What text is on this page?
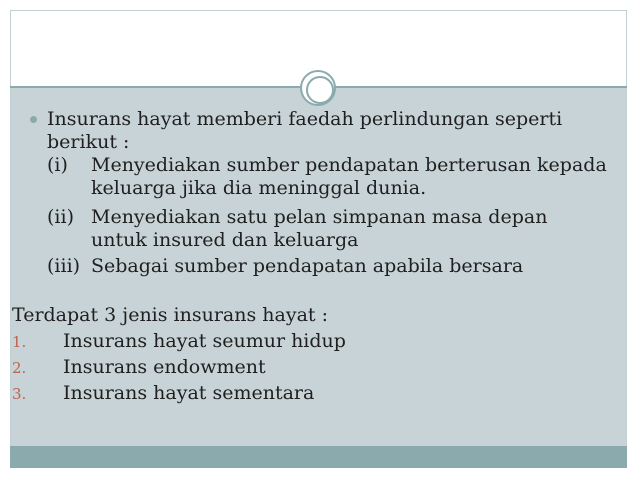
Insurans hayat memberi faedah perlindungan seperti berikut :
(i) Menyediakan sumber pendapatan berterusan kepada keluarga jika dia meninggal dunia.
(ii) Menyediakan satu pelan simpanan masa depan untuk insured dan keluarga
(iii) Sebagai sumber pendapatan apabila bersara
Terdapat 3 jenis insurans hayat :
1. Insurans hayat seumur hidup
2. Insurans endowment
3. Insurans hayat sementara
